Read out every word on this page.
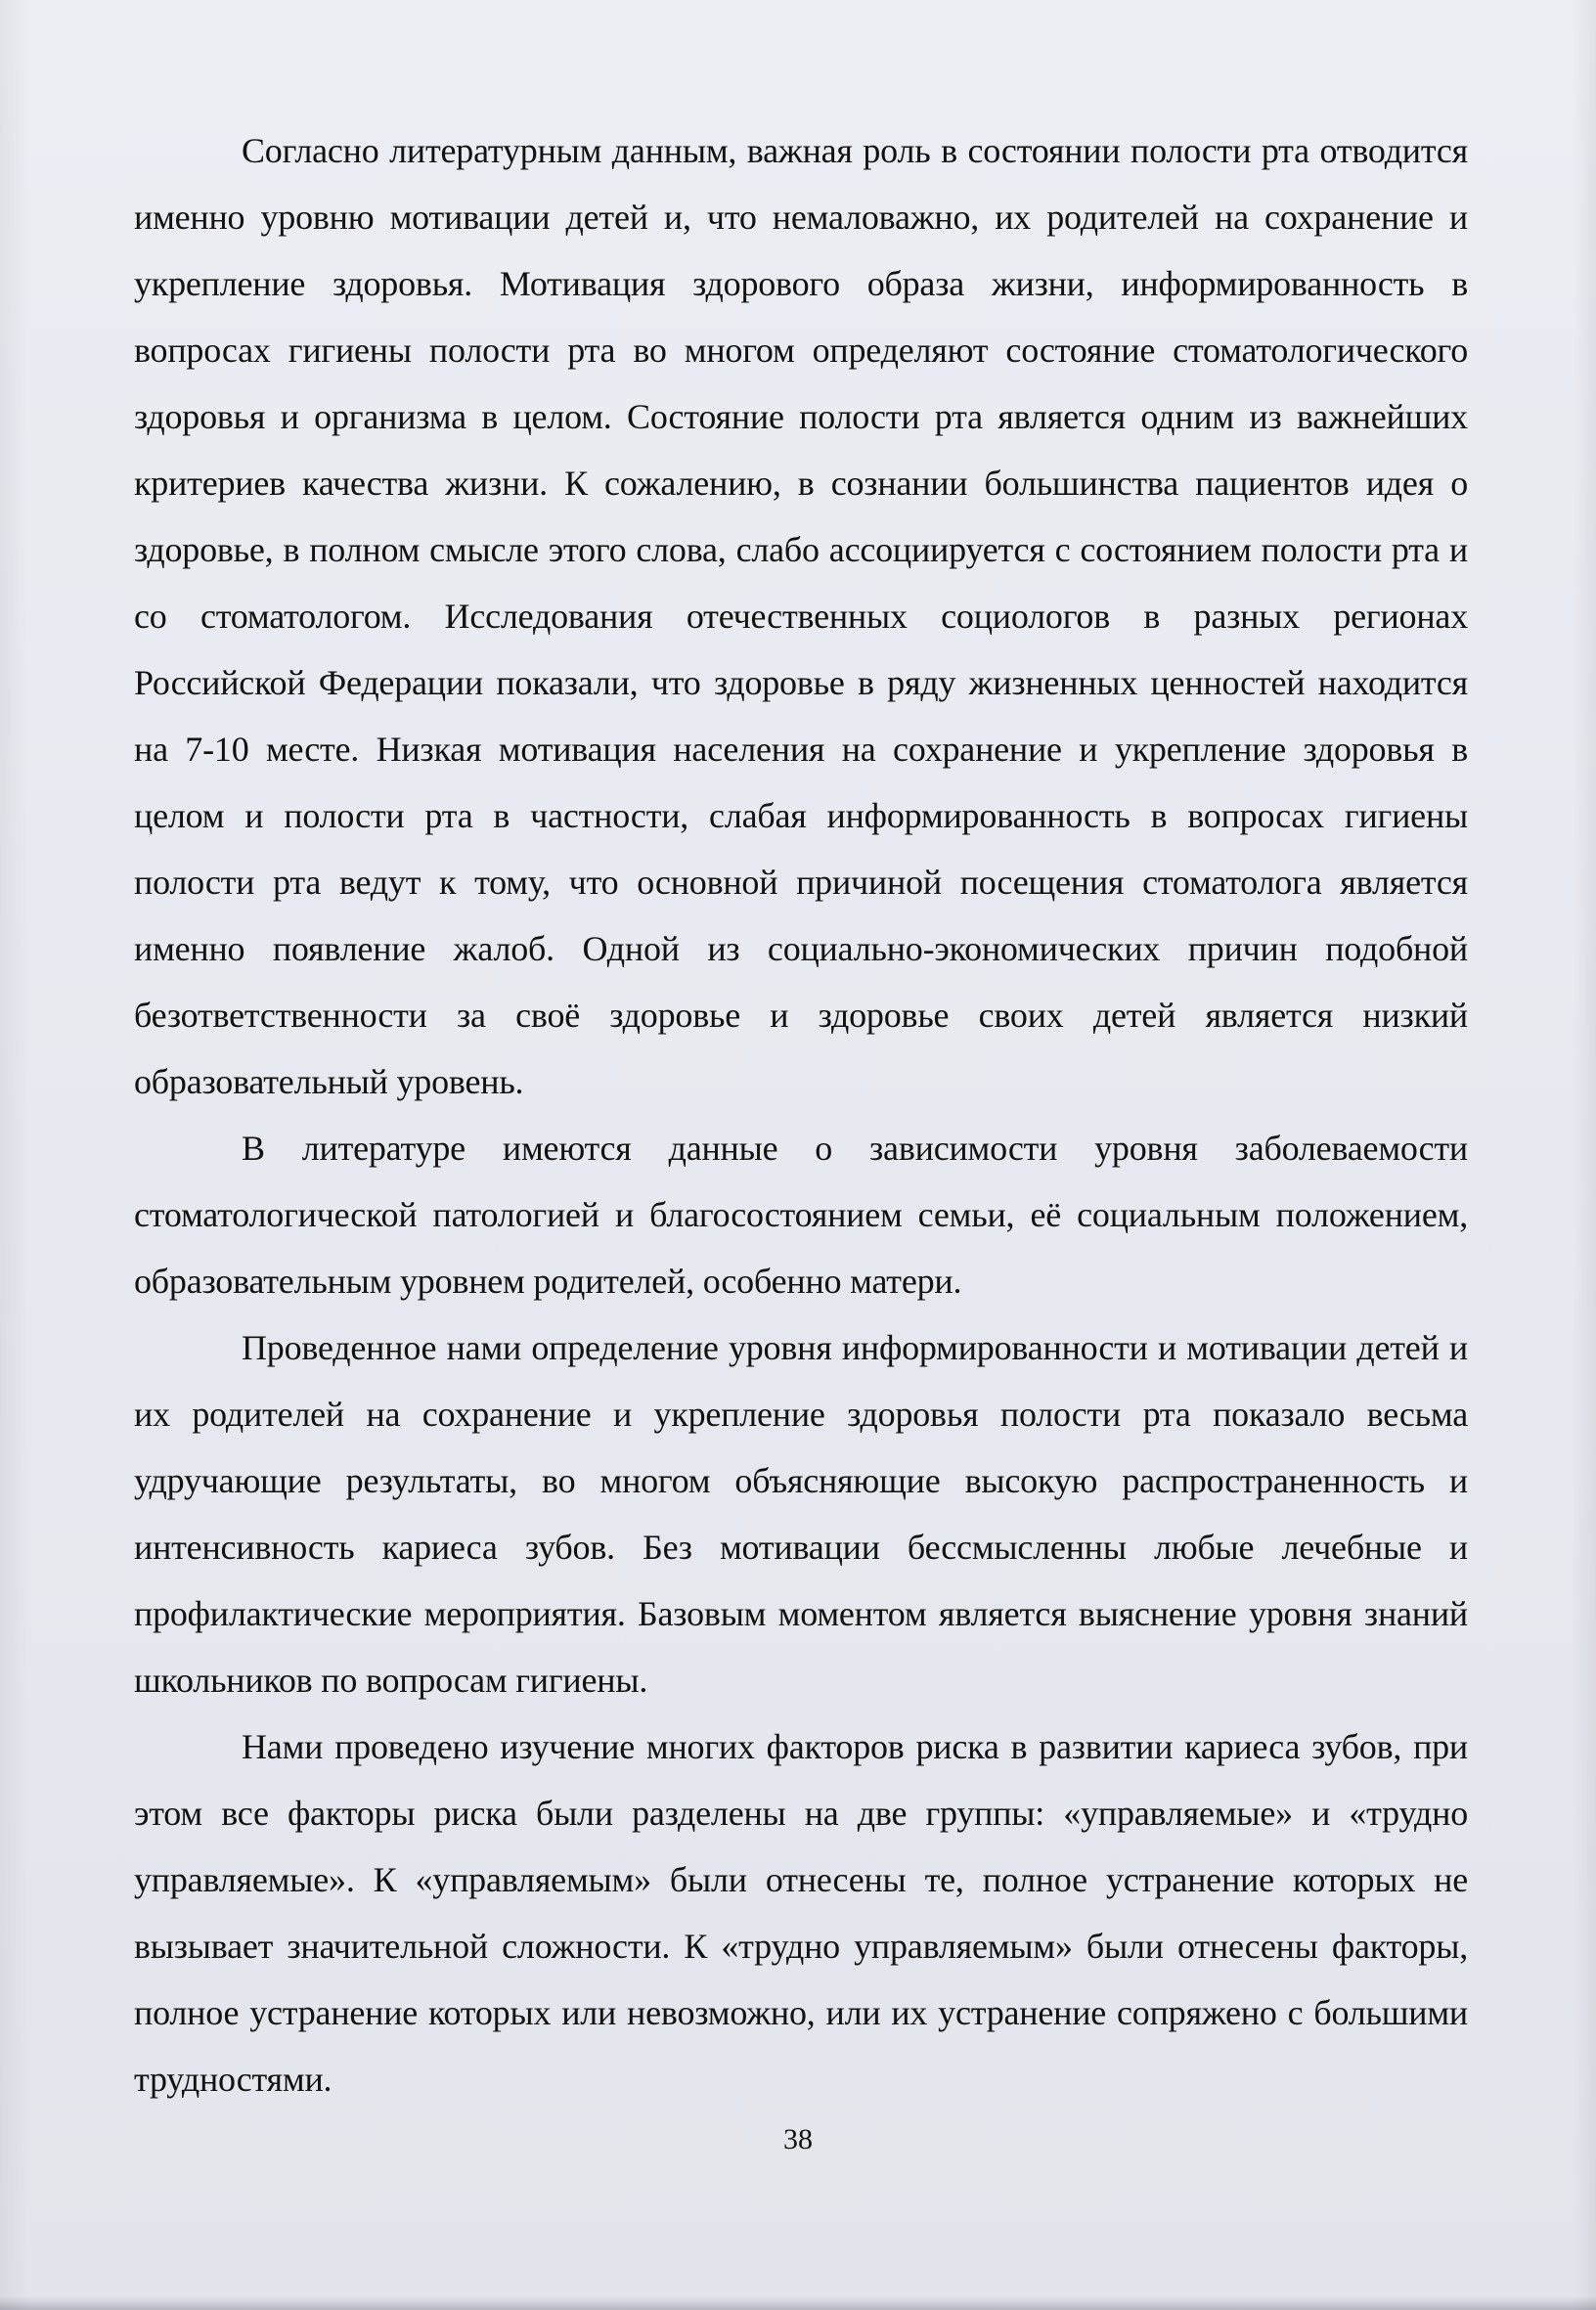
Согласно литературным данным, важная роль в состоянии полости рта отводится именно уровню мотивации детей и, что немаловажно, их родителей на сохранение и укрепление здоровья. Мотивация здорового образа жизни, информированность в вопросах гигиены полости рта во многом определяют состояние стоматологического здоровья и организма в целом. Состояние полости рта является одним из важнейших критериев качества жизни. К сожалению, в сознании большинства пациентов идея о здоровье, в полном смысле этого слова, слабо ассоциируется с состоянием полости рта и со стоматологом. Исследования отечественных социологов в разных регионах Российской Федерации показали, что здоровье в ряду жизненных ценностей находится на 7-10 месте. Низкая мотивация населения на сохранение и укрепление здоровья в целом и полости рта в частности, слабая информированность в вопросах гигиены полости рта ведут к тому, что основной причиной посещения стоматолога является именно появление жалоб. Одной из социально-экономических причин подобной безответственности за своё здоровье и здоровье своих детей является низкий образовательный уровень.

В литературе имеются данные о зависимости уровня заболеваемости стоматологической патологией и благосостоянием семьи, её социальным положением, образовательным уровнем родителей, особенно матери.

Проведенное нами определение уровня информированности и мотивации детей и их родителей на сохранение и укрепление здоровья полости рта показало весьма удручающие результаты, во многом объясняющие высокую распространенность и интенсивность кариеса зубов. Без мотивации бессмысленны любые лечебные и профилактические мероприятия. Базовым моментом является выяснение уровня знаний школьников по вопросам гигиены.

Нами проведено изучение многих факторов риска в развитии кариеса зубов, при этом все факторы риска были разделены на две группы: «управляемые» и «трудно управляемые». К «управляемым» были отнесены те, полное устранение которых не вызывает значительной сложности. К «трудно управляемым» были отнесены факторы, полное устранение которых или невозможно, или их устранение сопряжено с большими трудностями.

38
